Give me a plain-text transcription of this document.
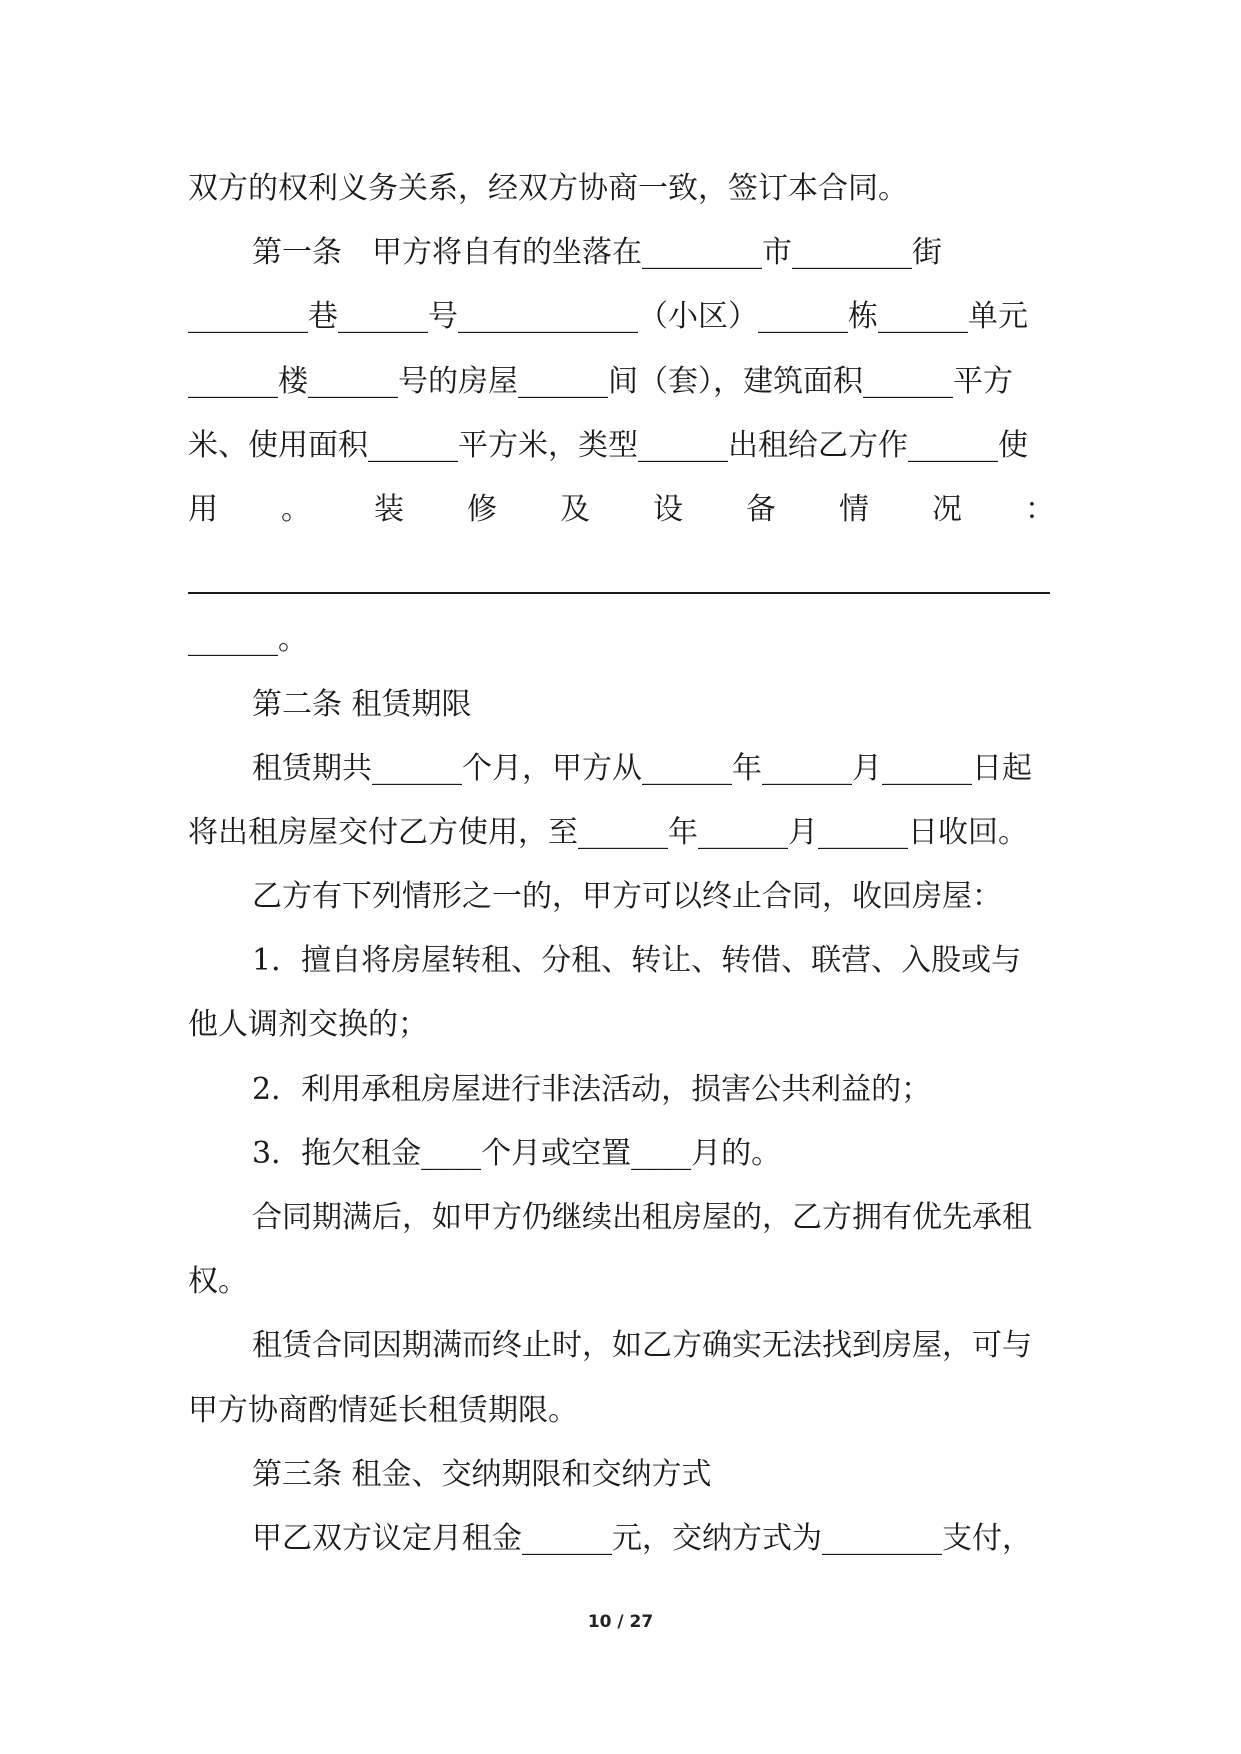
双方的权利义务关系，经双方协商一致，签订本合同。
第一条　甲方将自有的坐落在________市________街
________巷______号____________（小区）______栋______单元
______楼______号的房屋______间（套），建筑面积______平方
米、使用面积______平方米，类型______出租给乙方作______使
用 。 装 修 及 设 备 情 况 ：
______。
第二条 租赁期限
租赁期共______个月，甲方从______年______月______日起
将出租房屋交付乙方使用，至______年______月______日收回。
乙方有下列情形之一的，甲方可以终止合同，收回房屋：
1．擅自将房屋转租、分租、转让、转借、联营、入股或与
他人调剂交换的；
2．利用承租房屋进行非法活动，损害公共利益的；
3．拖欠租金____个月或空置____月的。
合同期满后，如甲方仍继续出租房屋的，乙方拥有优先承租
权。
租赁合同因期满而终止时，如乙方确实无法找到房屋，可与
甲方协商酌情延长租赁期限。
第三条 租金、交纳期限和交纳方式
甲乙双方议定月租金______元，交纳方式为________支付，
10 / 27
